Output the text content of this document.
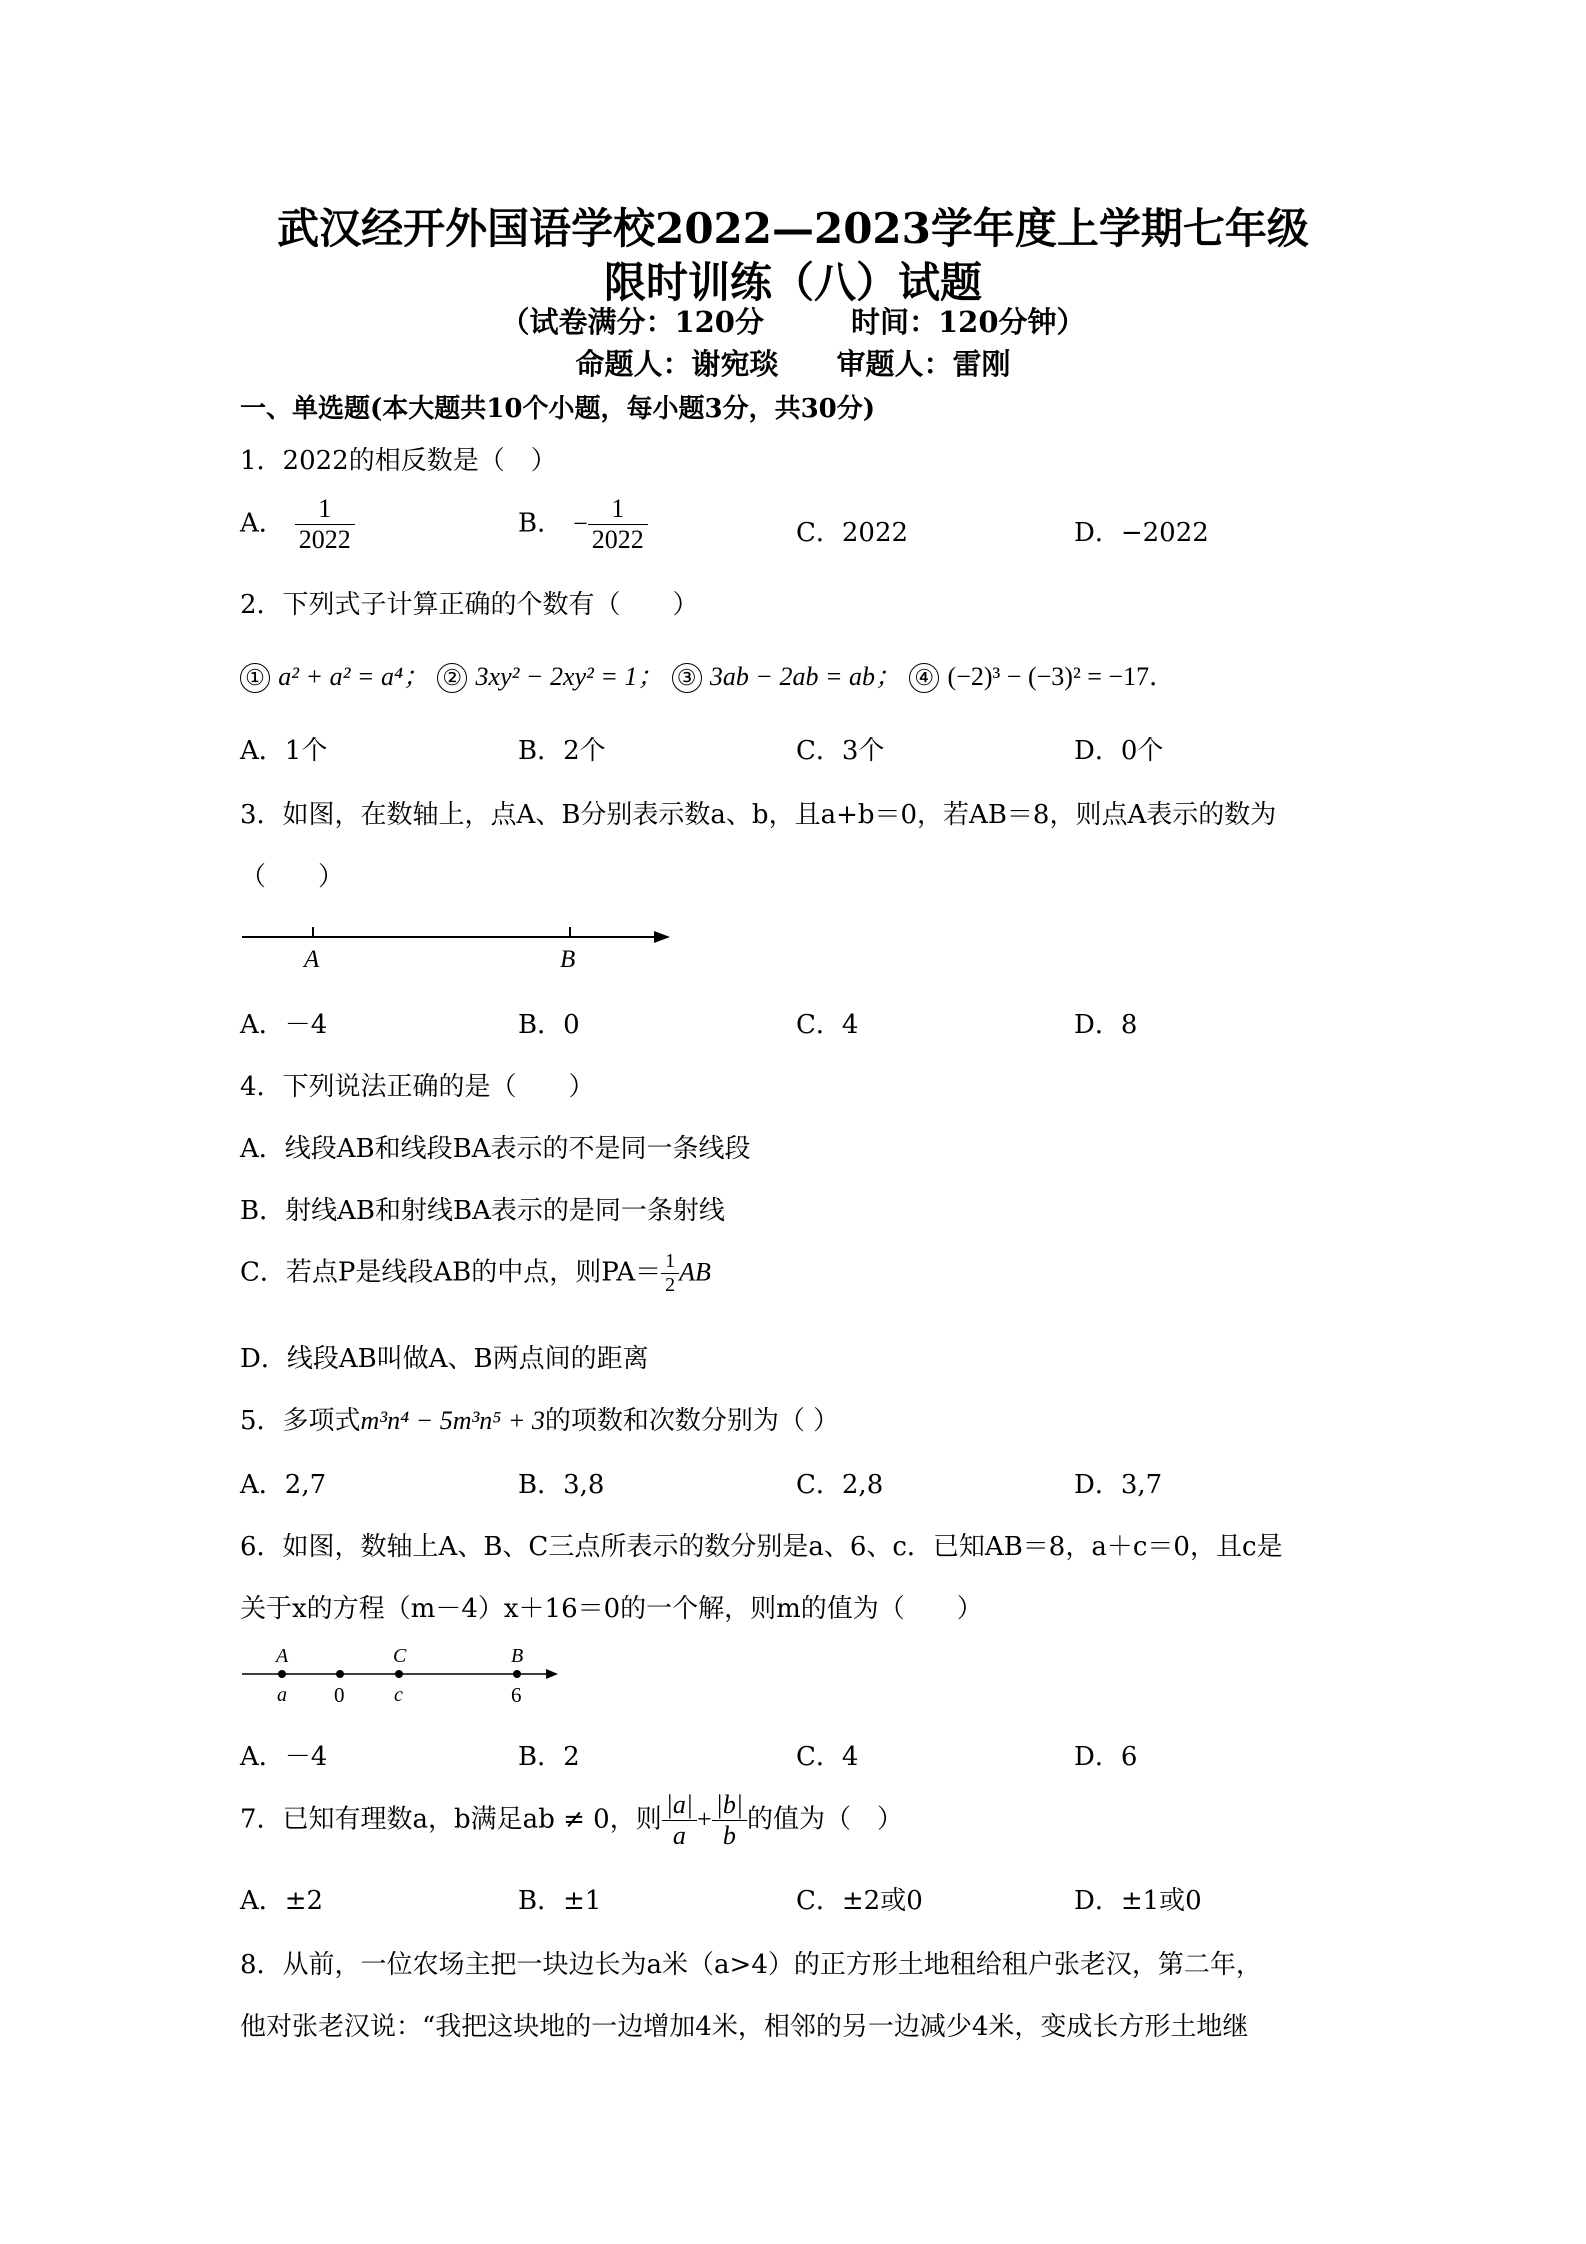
武汉经开外国语学校2022—2023学年度上学期七年级
限时训练（八）试题
（试卷满分：120分　　　时间：120分钟）
命题人：谢宛琰　　审题人：雷刚
一、单选题(本大题共10个小题，每小题3分，共30分)
1．2022的相反数是（　）
A． $\frac{1}{2022}$	B． − $\frac{1}{2022}$	C．2022	D．−2022
2．下列式子计算正确的个数有（　　）
① a² + a² = a⁴； ② 3xy² − 2xy² = 1； ③ 3ab − 2ab = ab； ④ (−2)³ − (−3)² = −17．
A．1个	B．2个	C．3个	D．0个
3．如图，在数轴上，点A、B分别表示数a、b，且a+b＝0，若AB＝8，则点A表示的数为
（　　）
A	B
A．－4	B．0	C．4	D．8
4．下列说法正确的是（　　）
A．线段AB和线段BA表示的不是同一条线段
B．射线AB和射线BA表示的是同一条射线
C．若点P是线段AB的中点，则$PA= \frac{1}{2}$ AB
D．线段AB叫做A、B两点间的距离
5．多项式m³n⁴ − 5m³n⁵ + 3的项数和次数分别为（ ）
A．2,7	B．3,8	C．2,8	D．3,7
6．如图，数轴上A、B、C三点所表示的数分别是a、6、c．已知AB＝8，a＋c＝0，且c是
关于x的方程（m－4）x＋16＝0的一个解，则m的值为（　　）
A	C	B
a 0 c	6
A．－4	B．2	C．4	D．6
7．已知有理数a，b满足ab ≠ 0，则 $\frac{|a|}{a} + \frac{|b|}{b}$ 的值为（　）
A．±2	B．±1	C．±2或0	D．±1或0
8．从前，一位农场主把一块边长为a米（a>4）的正方形土地租给租户张老汉，第二年，
他对张老汉说：“我把这块地的一边增加4米，相邻的另一边减少4米，变成长方形土地继
